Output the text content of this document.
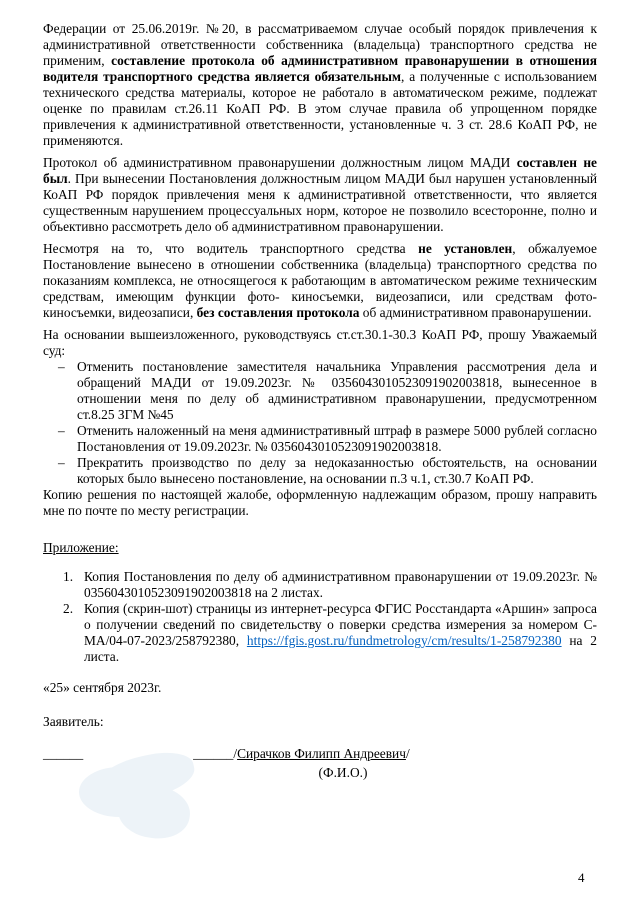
Федерации от 25.06.2019г. №20, в рассматриваемом случае особый порядок привлечения к административной ответственности собственника (владельца) транспортного средства не применим, составление протокола об административном правонарушении в отношения водителя транспортного средства является обязательным, а полученные с использованием технического средства материалы, которое не работало в автоматическом режиме, подлежат оценке по правилам ст.26.11 КоАП РФ. В этом случае правила об упрощенном порядке привлечения к административной ответственности, установленные ч. 3 ст. 28.6 КоАП РФ, не применяются.

Протокол об административном правонарушении должностным лицом МАДИ составлен не был. При вынесении Постановления должностным лицом МАДИ был нарушен установленный КоАП РФ порядок привлечения меня к административной ответственности, что является существенным нарушением процессуальных норм, которое не позволило всесторонне, полно и объективно рассмотреть дело об административном правонарушении.

Несмотря на то, что водитель транспортного средства не установлен, обжалуемое Постановление вынесено в отношении собственника (владельца) транспортного средства по показаниям комплекса, не относящегося к работающим в автоматическом режиме техническим средствам, имеющим функции фото- киносъемки, видеозаписи, или средствам фото- киносъемки, видеозаписи, без составления протокола об административном правонарушении.

На основании вышеизложенного, руководствуясь ст.ст.30.1-30.3 КоАП РФ, прошу Уважаемый суд:

– Отменить постановление заместителя начальника Управления рассмотрения дела и обращений МАДИ от 19.09.2023г. № 0356043010523091902003818, вынесенное в отношении меня по делу об административном правонарушении, предусмотренном ст.8.25 ЗГМ №45
– Отменить наложенный на меня административный штраф в размере 5000 рублей согласно Постановления от 19.09.2023г. № 0356043010523091902003818.
– Прекратить производство по делу за недоказанностью обстоятельств, на основании которых было вынесено постановление, на основании п.3 ч.1, ст.30.7 КоАП РФ.

Копию решения по настоящей жалобе, оформленную надлежащим образом, прошу направить мне по почте по месту регистрации.

Приложение:
1. Копия Постановления по делу об административном правонарушении от 19.09.2023г. № 0356043010523091902003818 на 2 листах.
2. Копия (скрин-шот) страницы из интернет-ресурса ФГИС Росстандарта «Аршин» запроса о получении сведений по свидетельству о поверки средства измерения за номером С-МА/04-07-2023/258792380, https://fgis.gost.ru/fundmetrology/cm/results/1-258792380 на 2 листа.

«25» сентября 2023г.

Заявитель:

______	______/Сирачков Филипп Андреевич/

(Ф.И.О.)
4
